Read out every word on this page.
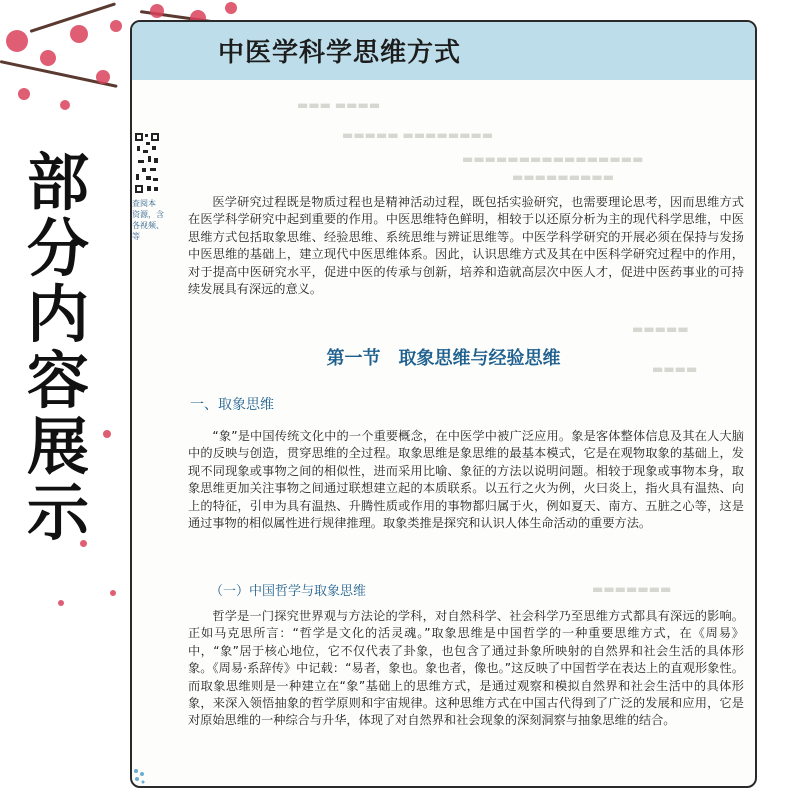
部
分
内
容
展
示
中医学科学思维方式
查阅本
资源，含
各视频、
等
▬▬▬ ▬▬▬▬
▬▬▬▬▬ ▬▬▬▬▬▬▬▬
▬▬▬▬▬▬▬▬▬▬▬▬▬▬▬▬
▬▬▬▬▬▬▬▬▬
▬▬▬▬▬
▬▬▬▬
▬▬▬▬▬▬▬
医学研究过程既是物质过程也是精神活动过程，既包括实验研究，也需要理论思考，因而思维方式在医学科学研究中起到重要的作用。中医思维特色鲜明，相较于以还原分析为主的现代科学思维，中医思维方式包括取象思维、经验思维、系统思维与辨证思维等。中医学科学研究的开展必须在保持与发扬中医思维的基础上，建立现代中医思维体系。因此，认识思维方式及其在中医科学研究过程中的作用，对于提高中医研究水平，促进中医的传承与创新，培养和造就高层次中医人才，促进中医药事业的可持续发展具有深远的意义。
第一节　取象思维与经验思维
一、取象思维
“象”是中国传统文化中的一个重要概念，在中医学中被广泛应用。象是客体整体信息及其在人大脑中的反映与创造，贯穿思维的全过程。取象思维是象思维的最基本模式，它是在观物取象的基础上，发现不同现象或事物之间的相似性，进而采用比喻、象征的方法以说明问题。相较于现象或事物本身，取象思维更加关注事物之间通过联想建立起的本质联系。以五行之火为例，火曰炎上，指火具有温热、向上的特征，引申为具有温热、升腾性质或作用的事物都归属于火，例如夏天、南方、五脏之心等，这是通过事物的相似属性进行规律推理。取象类推是探究和认识人体生命活动的重要方法。
（一）中国哲学与取象思维
哲学是一门探究世界观与方法论的学科，对自然科学、社会科学乃至思维方式都具有深远的影响。正如马克思所言：“哲学是文化的活灵魂。”取象思维是中国哲学的一种重要思维方式，在《周易》中，“象”居于核心地位，它不仅代表了卦象，也包含了通过卦象所映射的自然界和社会生活的具体形象。《周易·系辞传》中记载：“易者，象也。象也者，像也。”这反映了中国哲学在表达上的直观形象性。而取象思维则是一种建立在“象”基础上的思维方式，是通过观察和模拟自然界和社会生活中的具体形象，来深入领悟抽象的哲学原则和宇宙规律。这种思维方式在中国古代得到了广泛的发展和应用，它是对原始思维的一种综合与升华，体现了对自然界和社会现象的深刻洞察与抽象思维的结合。
